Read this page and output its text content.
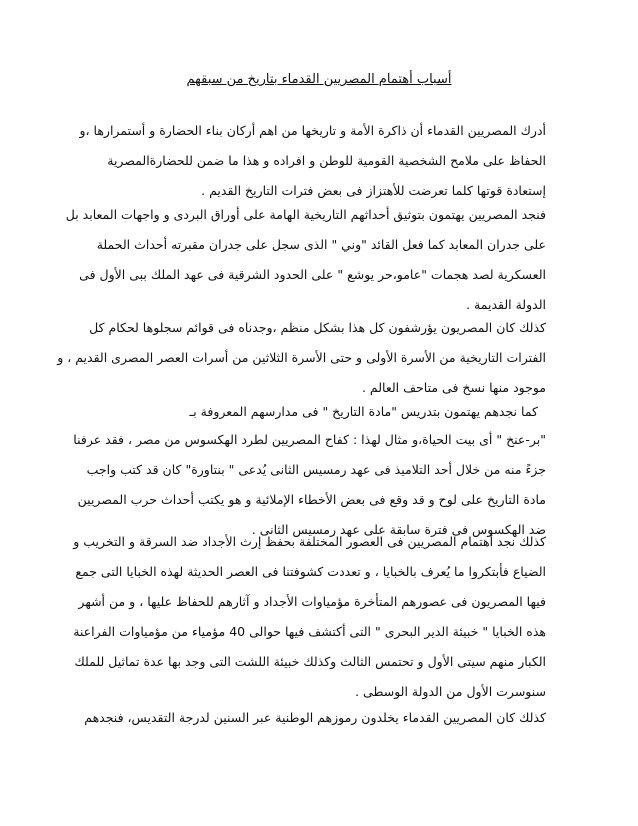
أسباب أهتمام المصريين القدماء بتاريخ من سبقهم
أدرك المصريين القدماء أن ذاكرة الأمة و تاريخها من اهم أركان بناء الحضارة و أستمرارها ،و
الحفاظ على ملامح الشخصية القومية للوطن و افراده و هذا ما ضمن للحضارةالمصرية
إستعادة قوتها كلما تعرضت للأهتزاز فى بعض فترات التاريخ القديم .
فنجد المصريين يهتمون بتوثيق أحداثهم التاريخية الهامة على أوراق البردى و واجهات المعابد بل
على جدران المعابد كما فعل القائد "وني " الذى سجل على جدران مقبرته أحداث الحملة
العسكرية لصد هجمات "عامو،حر يوشع " على الحدود الشرقية فى عهد الملك ببى الأول فى
الدولة القديمة .
كذلك كان المصريون يؤرشفون كل هذا بشكل منظم ،وجدناه فى قوائم سجلوها لحكام كل
الفترات التاريخية من الأسرة الأولى و حتى الأسرة الثلاثين من أسرات العصر المصرى القديم ، و
موجود منها نسخ فى متاحف العالم .
كما نجدهم يهتمون بتدريس "مادة التاريخ " فى مدارسهم المعروفة بـ
"بر-عنخ " أى بيت الحياة،و مثال لهذا : كفاح المصريين لطرد الهكسوس من مصر ، فقد عرفنا
جزءً منه من خلال أحد التلاميذ فى عهد رمسيس الثانى يُدعى " بنتاورة" كان قد كتب واجب
مادة التاريخ على لوح و قد وقع فى بعض الأخطاء الإملائية و هو يكتب أحداث حرب المصريين
ضد الهكسوس فى فترة سابقة على عهد رمسيس الثانى .
كذلك نجد أهتمام المصريين فى العصور المختلفة بحفظ إرث الأجداد ضد السرقة و التخريب و
الضياع فأبتكروا ما يُعرف بالخبايا ، و تعددت كشوفتنا فى العصر الحديثة لهذه الخبايا التى جمع
فيها المصريون فى عصورهم المتأخرة مؤمياوات الأجداد و آثارهم للحفاظ عليها ، و من أشهر
هذه الخبايا " خبيئة الدير البحرى " التى أكتشف فيها حوالى 40 مؤمياء من مؤمياوات الفراعنة
الكبار منهم سيتى الأول و تحتمس الثالث وكذلك خبيئة اللشت التى وجد بها عدة تماثيل للملك
سنوسرت الأول من الدولة الوسطى .
كذلك كان المصريين القدماء يخلدون رموزهم الوطنية عبر السنين لدرجة التقديس، فنجدهم
